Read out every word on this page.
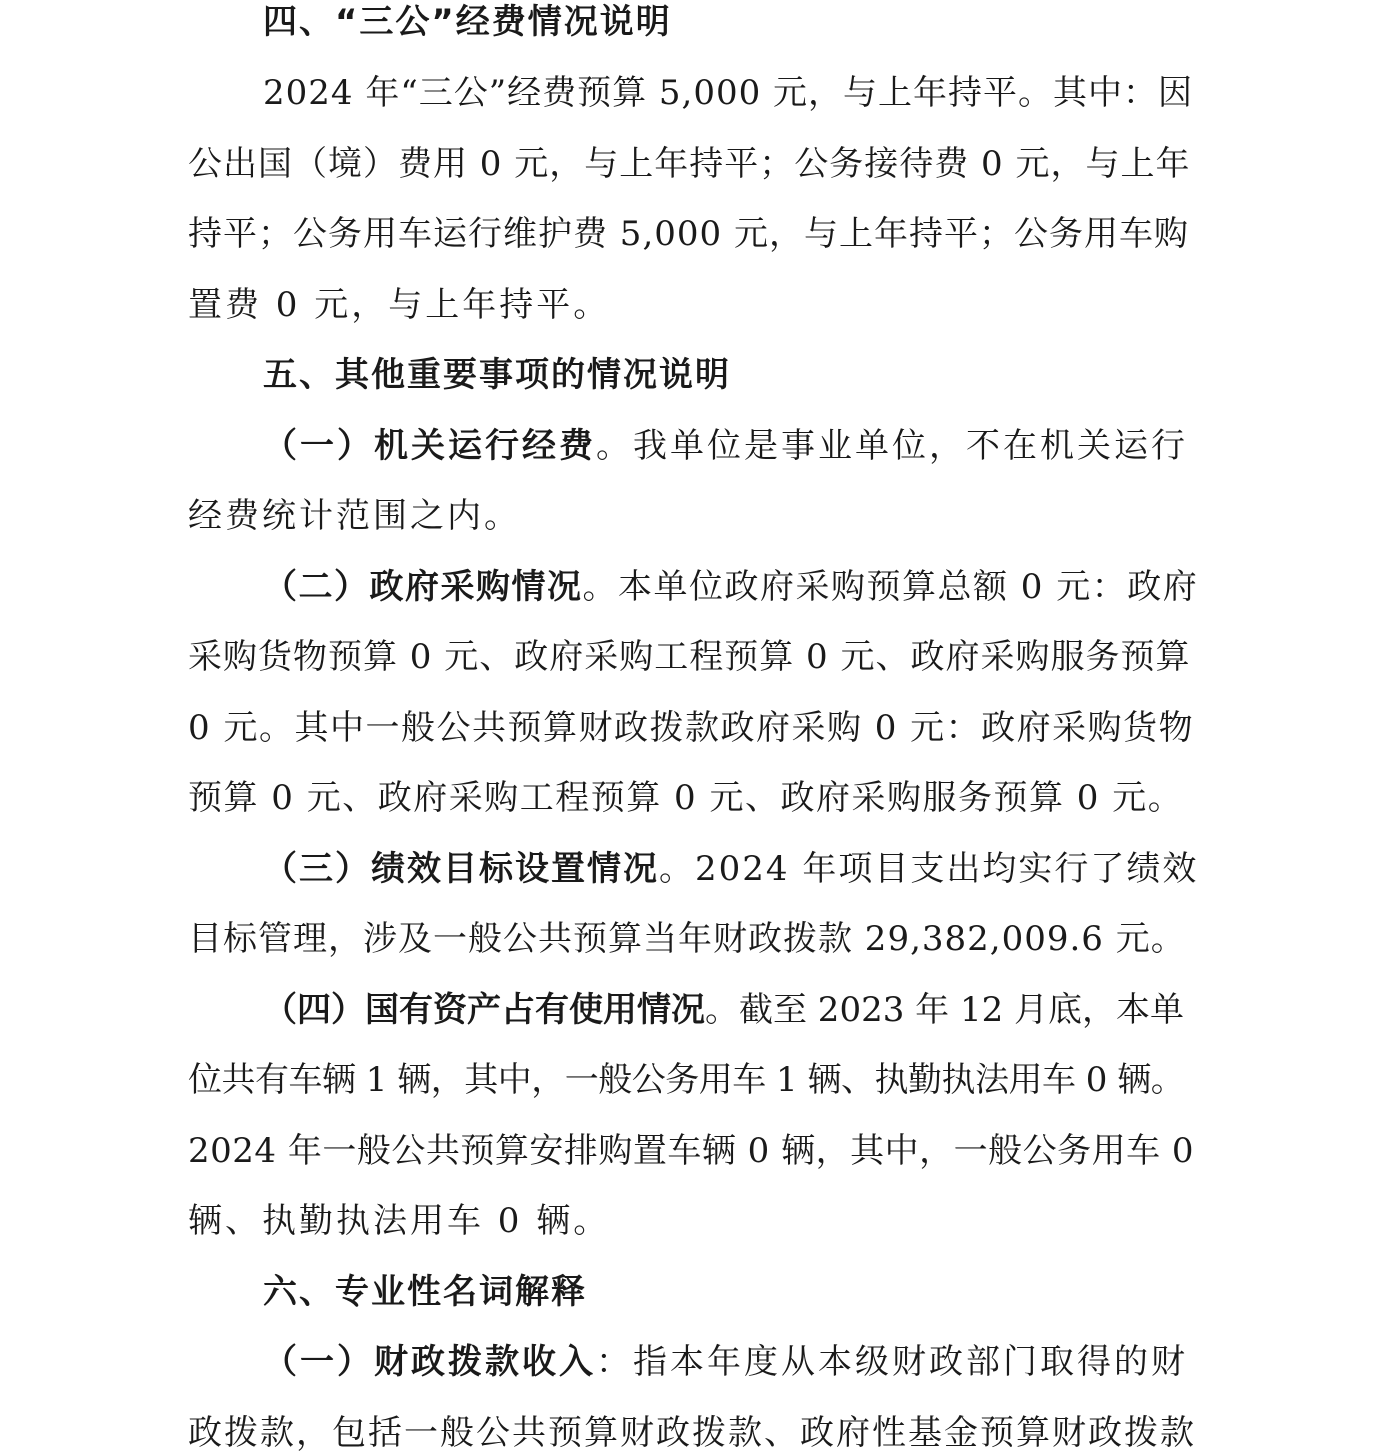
四、“三公”经费情况说明
2024 年“三公”经费预算 5,000 元，与上年持平。其中：因
公出国（境）费用 0 元，与上年持平；公务接待费 0 元，与上年
持平；公务用车运行维护费 5,000 元，与上年持平；公务用车购
置费 0 元，与上年持平。
五、其他重要事项的情况说明
（一）机关运行经费。我单位是事业单位，不在机关运行
经费统计范围之内。
（二）政府采购情况。本单位政府采购预算总额 0 元：政府
采购货物预算 0 元、政府采购工程预算 0 元、政府采购服务预算
0 元。其中一般公共预算财政拨款政府采购 0 元：政府采购货物
预算 0 元、政府采购工程预算 0 元、政府采购服务预算 0 元。
（三）绩效目标设置情况。2024 年项目支出均实行了绩效
目标管理，涉及一般公共预算当年财政拨款 29,382,009.6 元。
（四）国有资产占有使用情况。截至 2023 年 12 月底，本单
位共有车辆 1 辆，其中，一般公务用车 1 辆、执勤执法用车 0 辆。
2024 年一般公共预算安排购置车辆 0 辆，其中，一般公务用车 0
辆、执勤执法用车 0 辆。
六、专业性名词解释
（一）财政拨款收入：指本年度从本级财政部门取得的财
政拨款，包括一般公共预算财政拨款、政府性基金预算财政拨款
